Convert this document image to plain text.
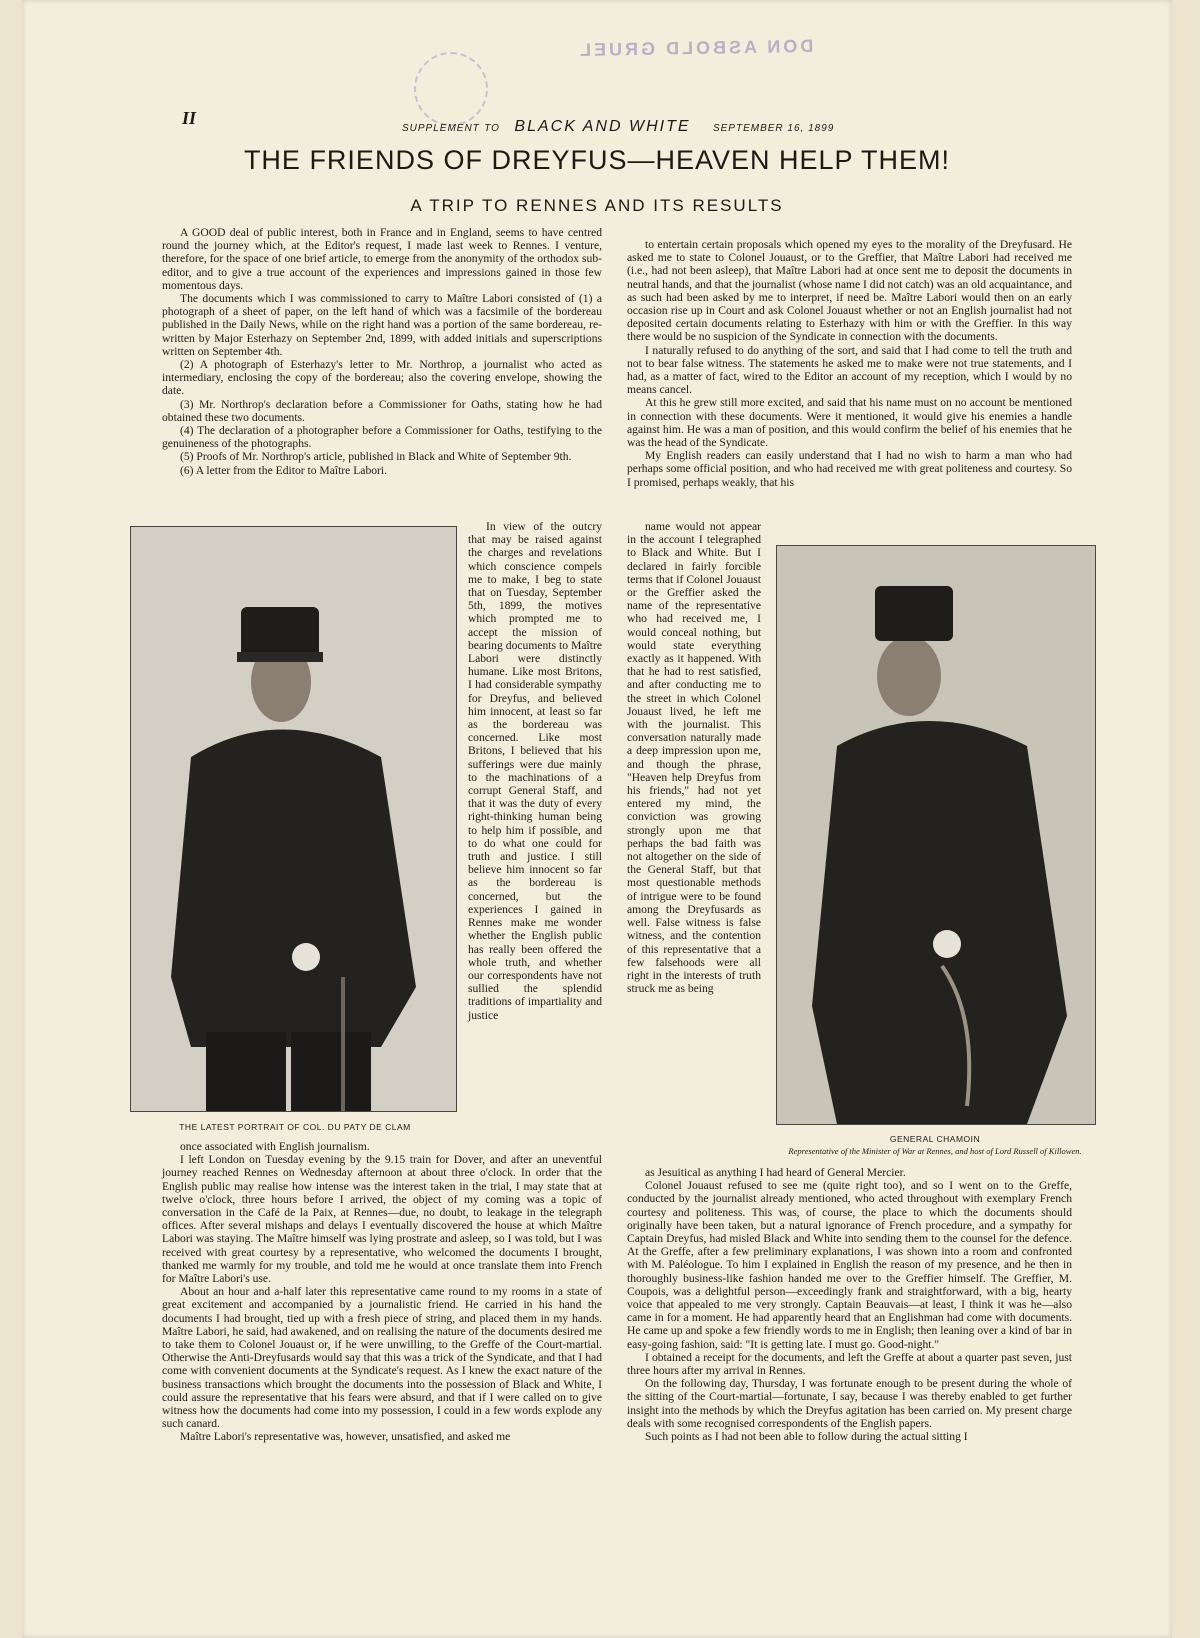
DON ASBOLD GRUEL
II
SUPPLEMENT TO BLACK AND WHITE SEPTEMBER 16, 1899
THE FRIENDS OF DREYFUS—HEAVEN HELP THEM!
A TRIP TO RENNES AND ITS RESULTS

A GOOD deal of public interest, both in France and in England, seems to have centred round the journey which, at the Editor's request, I made last week to Rennes. I venture, therefore, for the space of one brief article, to emerge from the anonymity of the orthodox sub-editor, and to give a true account of the experiences and impressions gained in those few momentous days.

The documents which I was commissioned to carry to Maître Labori consisted of (1) a photograph of a sheet of paper, on the left hand of which was a facsimile of the bordereau published in the Daily News, while on the right hand was a portion of the same bordereau, re-written by Major Esterhazy on September 2nd, 1899, with added initials and superscriptions written on September 4th.

(2) A photograph of Esterhazy's letter to Mr. Northrop, a journalist who acted as intermediary, enclosing the copy of the bordereau; also the covering envelope, showing the date.

(3) Mr. Northrop's declaration before a Commissioner for Oaths, stating how he had obtained these two documents.

(4) The declaration of a photographer before a Commissioner for Oaths, testifying to the genuineness of the photographs.

(5) Proofs of Mr. Northrop's article, published in Black and White of September 9th.

(6) A letter from the Editor to Maître Labori.

THE LATEST PORTRAIT OF COL. DU PATY DE CLAM

In view of the outcry that may be raised against the charges and revelations which conscience compels me to make, I beg to state that on Tuesday, September 5th, 1899, the motives which prompted me to accept the mission of bearing documents to Maître Labori were distinctly humane. Like most Britons, I had considerable sympathy for Dreyfus, and believed him innocent, at least so far as the bordereau was concerned. Like most Britons, I believed that his sufferings were due mainly to the machinations of a corrupt General Staff, and that it was the duty of every right-thinking human being to help him if possible, and to do what one could for truth and justice. I still believe him innocent so far as the bordereau is concerned, but the experiences I gained in Rennes make me wonder whether the English public has really been offered the whole truth, and whether our correspondents have not sullied the splendid traditions of impartiality and justice

once associated with English journalism.

I left London on Tuesday evening by the 9.15 train for Dover, and after an uneventful journey reached Rennes on Wednesday afternoon at about three o'clock. In order that the English public may realise how intense was the interest taken in the trial, I may state that at twelve o'clock, three hours before I arrived, the object of my coming was a topic of conversation in the Café de la Paix, at Rennes—due, no doubt, to leakage in the telegraph offices. After several mishaps and delays I eventually discovered the house at which Maître Labori was staying. The Maître himself was lying prostrate and asleep, so I was told, but I was received with great courtesy by a representative, who welcomed the documents I brought, thanked me warmly for my trouble, and told me he would at once translate them into French for Maître Labori's use.

About an hour and a-half later this representative came round to my rooms in a state of great excitement and accompanied by a journalistic friend. He carried in his hand the documents I had brought, tied up with a fresh piece of string, and placed them in my hands. Maître Labori, he said, had awakened, and on realising the nature of the documents desired me to take them to Colonel Jouaust or, if he were unwilling, to the Greffe of the Court-martial. Otherwise the Anti-Dreyfusards would say that this was a trick of the Syndicate, and that I had come with convenient documents at the Syndicate's request. As I knew the exact nature of the business transactions which brought the documents into the possession of Black and White, I could assure the representative that his fears were absurd, and that if I were called on to give witness how the documents had come into my possession, I could in a few words explode any such canard.

Maître Labori's representative was, however, unsatisfied, and asked me

to entertain certain proposals which opened my eyes to the morality of the Dreyfusard. He asked me to state to Colonel Jouaust, or to the Greffier, that Maître Labori had received me (i.e., had not been asleep), that Maître Labori had at once sent me to deposit the documents in neutral hands, and that the journalist (whose name I did not catch) was an old acquaintance, and as such had been asked by me to interpret, if need be. Maître Labori would then on an early occasion rise up in Court and ask Colonel Jouaust whether or not an English journalist had not deposited certain documents relating to Esterhazy with him or with the Greffier. In this way there would be no suspicion of the Syndicate in connection with the documents.

I naturally refused to do anything of the sort, and said that I had come to tell the truth and not to bear false witness. The statements he asked me to make were not true statements, and I had, as a matter of fact, wired to the Editor an account of my reception, which I would by no means cancel.

At this he grew still more excited, and said that his name must on no account be mentioned in connection with these documents. Were it mentioned, it would give his enemies a handle against him. He was a man of position, and this would confirm the belief of his enemies that he was the head of the Syndicate.

My English readers can easily understand that I had no wish to harm a man who had perhaps some official position, and who had received me with great politeness and courtesy. So I promised, perhaps weakly, that his

name would not appear in the account I telegraphed to Black and White. But I declared in fairly forcible terms that if Colonel Jouaust or the Greffier asked the name of the representative who had received me, I would conceal nothing, but would state everything exactly as it happened. With that he had to rest satisfied, and after conducting me to the street in which Colonel Jouaust lived, he left me with the journalist. This conversation naturally made a deep impression upon me, and though the phrase, "Heaven help Dreyfus from his friends," had not yet entered my mind, the conviction was growing strongly upon me that perhaps the bad faith was not altogether on the side of the General Staff, but that most questionable methods of intrigue were to be found among the Dreyfusards as well. False witness is false witness, and the contention of this representative that a few falsehoods were all right in the interests of truth struck me as being

GENERAL CHAMOIN
Representative of the Minister of War at Rennes, and host of Lord Russell of Killowen.

as Jesuitical as anything I had heard of General Mercier.

Colonel Jouaust refused to see me (quite right too), and so I went on to the Greffe, conducted by the journalist already mentioned, who acted throughout with exemplary French courtesy and politeness. This was, of course, the place to which the documents should originally have been taken, but a natural ignorance of French procedure, and a sympathy for Captain Dreyfus, had misled Black and White into sending them to the counsel for the defence. At the Greffe, after a few preliminary explanations, I was shown into a room and confronted with M. Paléologue. To him I explained in English the reason of my presence, and he then in thoroughly business-like fashion handed me over to the Greffier himself. The Greffier, M. Coupois, was a delightful person—exceedingly frank and straightforward, with a big, hearty voice that appealed to me very strongly. Captain Beauvais—at least, I think it was he—also came in for a moment. He had apparently heard that an Englishman had come with documents. He came up and spoke a few friendly words to me in English; then leaning over a kind of bar in easy-going fashion, said: "It is getting late. I must go. Good-night."

I obtained a receipt for the documents, and left the Greffe at about a quarter past seven, just three hours after my arrival in Rennes.

On the following day, Thursday, I was fortunate enough to be present during the whole of the sitting of the Court-martial—fortunate, I say, because I was thereby enabled to get further insight into the methods by which the Dreyfus agitation has been carried on. My present charge deals with some recognised correspondents of the English papers.

Such points as I had not been able to follow during the actual sitting I
